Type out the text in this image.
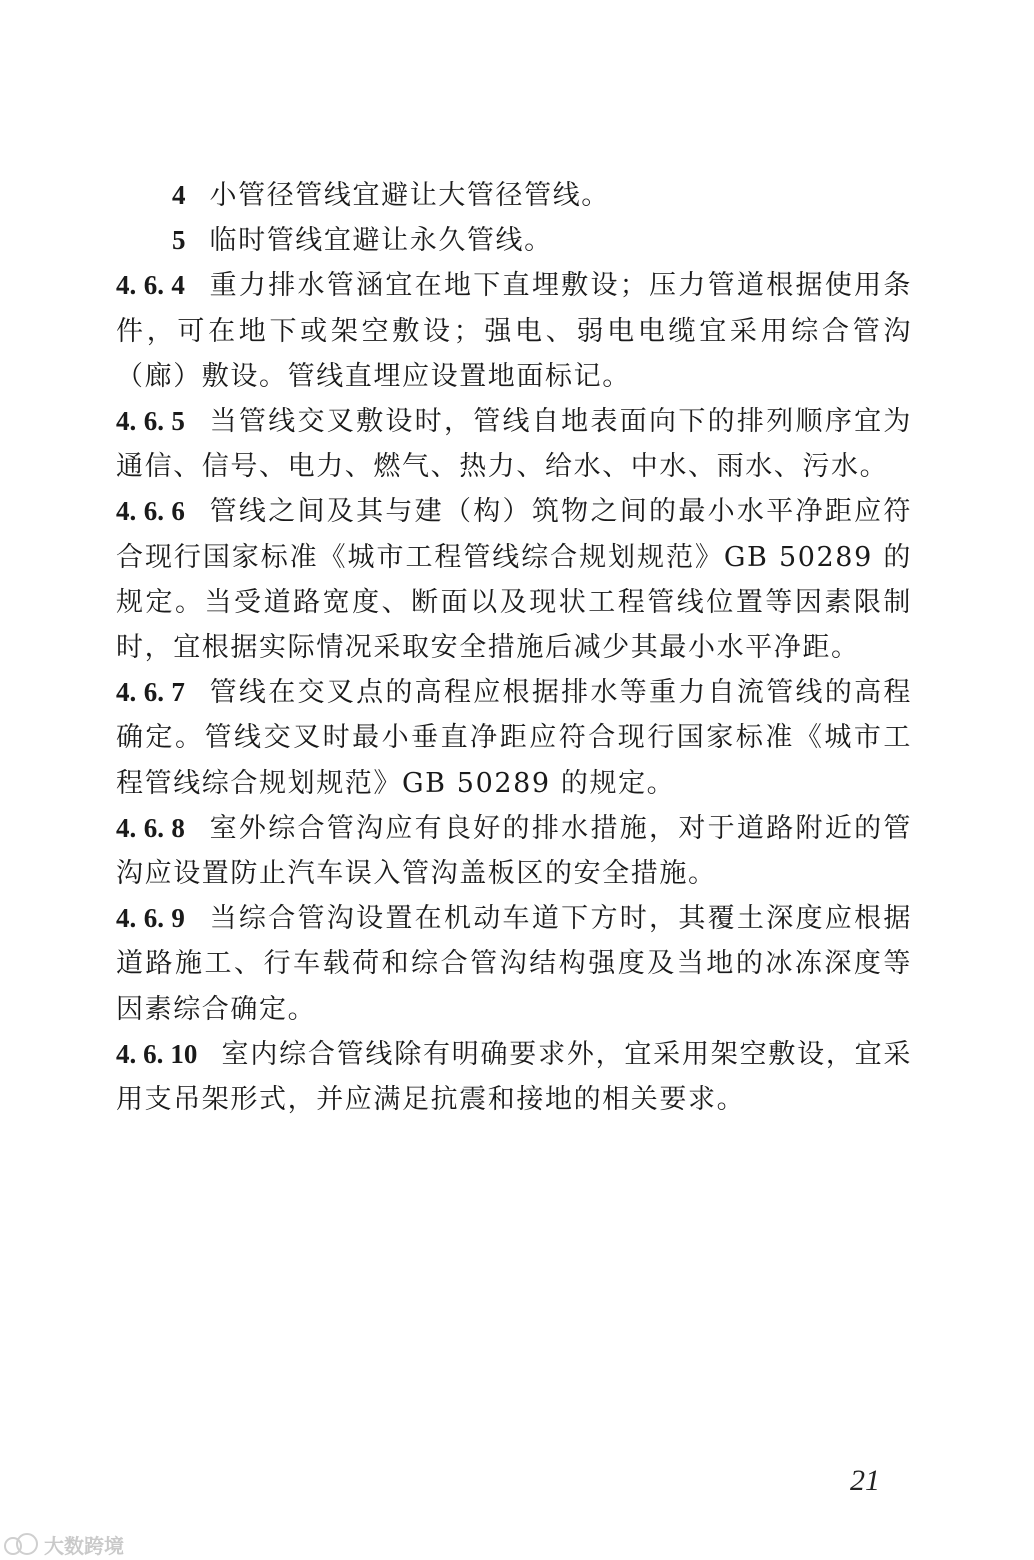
4 小管径管线宜避让大管径管线。

5 临时管线宜避让永久管线。

4. 6. 4 重力排水管涵宜在地下直埋敷设；压力管道根据使用条件，可在地下或架空敷设；强电、弱电电缆宜采用综合管沟（廊）敷设。管线直埋应设置地面标记。

4. 6. 5 当管线交叉敷设时，管线自地表面向下的排列顺序宜为通信、信号、电力、燃气、热力、给水、中水、雨水、污水。

4. 6. 6 管线之间及其与建（构）筑物之间的最小水平净距应符合现行国家标准《城市工程管线综合规划规范》GB 50289 的规定。当受道路宽度、断面以及现状工程管线位置等因素限制时，宜根据实际情况采取安全措施后减少其最小水平净距。

4. 6. 7 管线在交叉点的高程应根据排水等重力自流管线的高程确定。管线交叉时最小垂直净距应符合现行国家标准《城市工程管线综合规划规范》GB 50289 的规定。

4. 6. 8 室外综合管沟应有良好的排水措施，对于道路附近的管沟应设置防止汽车误入管沟盖板区的安全措施。

4. 6. 9 当综合管沟设置在机动车道下方时，其覆土深度应根据道路施工、行车载荷和综合管沟结构强度及当地的冰冻深度等因素综合确定。

4. 6. 10 室内综合管线除有明确要求外，宜采用架空敷设，宜采用支吊架形式，并应满足抗震和接地的相关要求。

21
大数跨境
